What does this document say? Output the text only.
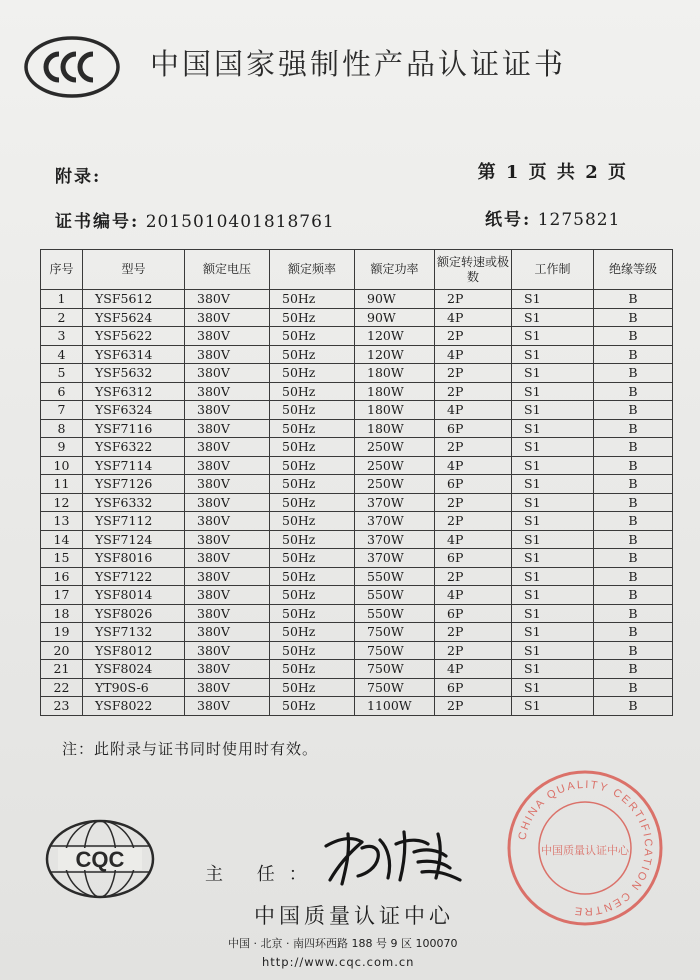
中国国家强制性产品认证证书
附录:	第 1 页 共 2 页
证书编号: 2015010401818761	纸号: 1275821
序号	型号	额定电压	额定频率	额定功率	额定转速或极数	工作制	绝缘等级
1	YSF5612	380V	50Hz	90W	2P	S1	B
2	YSF5624	380V	50Hz	90W	4P	S1	B
3	YSF5622	380V	50Hz	120W	2P	S1	B
4	YSF6314	380V	50Hz	120W	4P	S1	B
5	YSF5632	380V	50Hz	180W	2P	S1	B
6	YSF6312	380V	50Hz	180W	2P	S1	B
7	YSF6324	380V	50Hz	180W	4P	S1	B
8	YSF7116	380V	50Hz	180W	6P	S1	B
9	YSF6322	380V	50Hz	250W	2P	S1	B
10	YSF7114	380V	50Hz	250W	4P	S1	B
11	YSF7126	380V	50Hz	250W	6P	S1	B
12	YSF6332	380V	50Hz	370W	2P	S1	B
13	YSF7112	380V	50Hz	370W	2P	S1	B
14	YSF7124	380V	50Hz	370W	4P	S1	B
15	YSF8016	380V	50Hz	370W	6P	S1	B
16	YSF7122	380V	50Hz	550W	2P	S1	B
17	YSF8014	380V	50Hz	550W	4P	S1	B
18	YSF8026	380V	50Hz	550W	6P	S1	B
19	YSF7132	380V	50Hz	750W	2P	S1	B
20	YSF8012	380V	50Hz	750W	2P	S1	B
21	YSF8024	380V	50Hz	750W	4P	S1	B
22	YT90S-6	380V	50Hz	750W	6P	S1	B
23	YSF8022	380V	50Hz	1100W	2P	S1	B
注：此附录与证书同时使用时有效。
CQC
主 任：
中国质量认证中心
中国 · 北京 · 南四环西路 188 号 9 区 100070
http://www.cqc.com.cn
CHINA QUALITY CERTIFICATION CENTRE
中国质量认证中心
